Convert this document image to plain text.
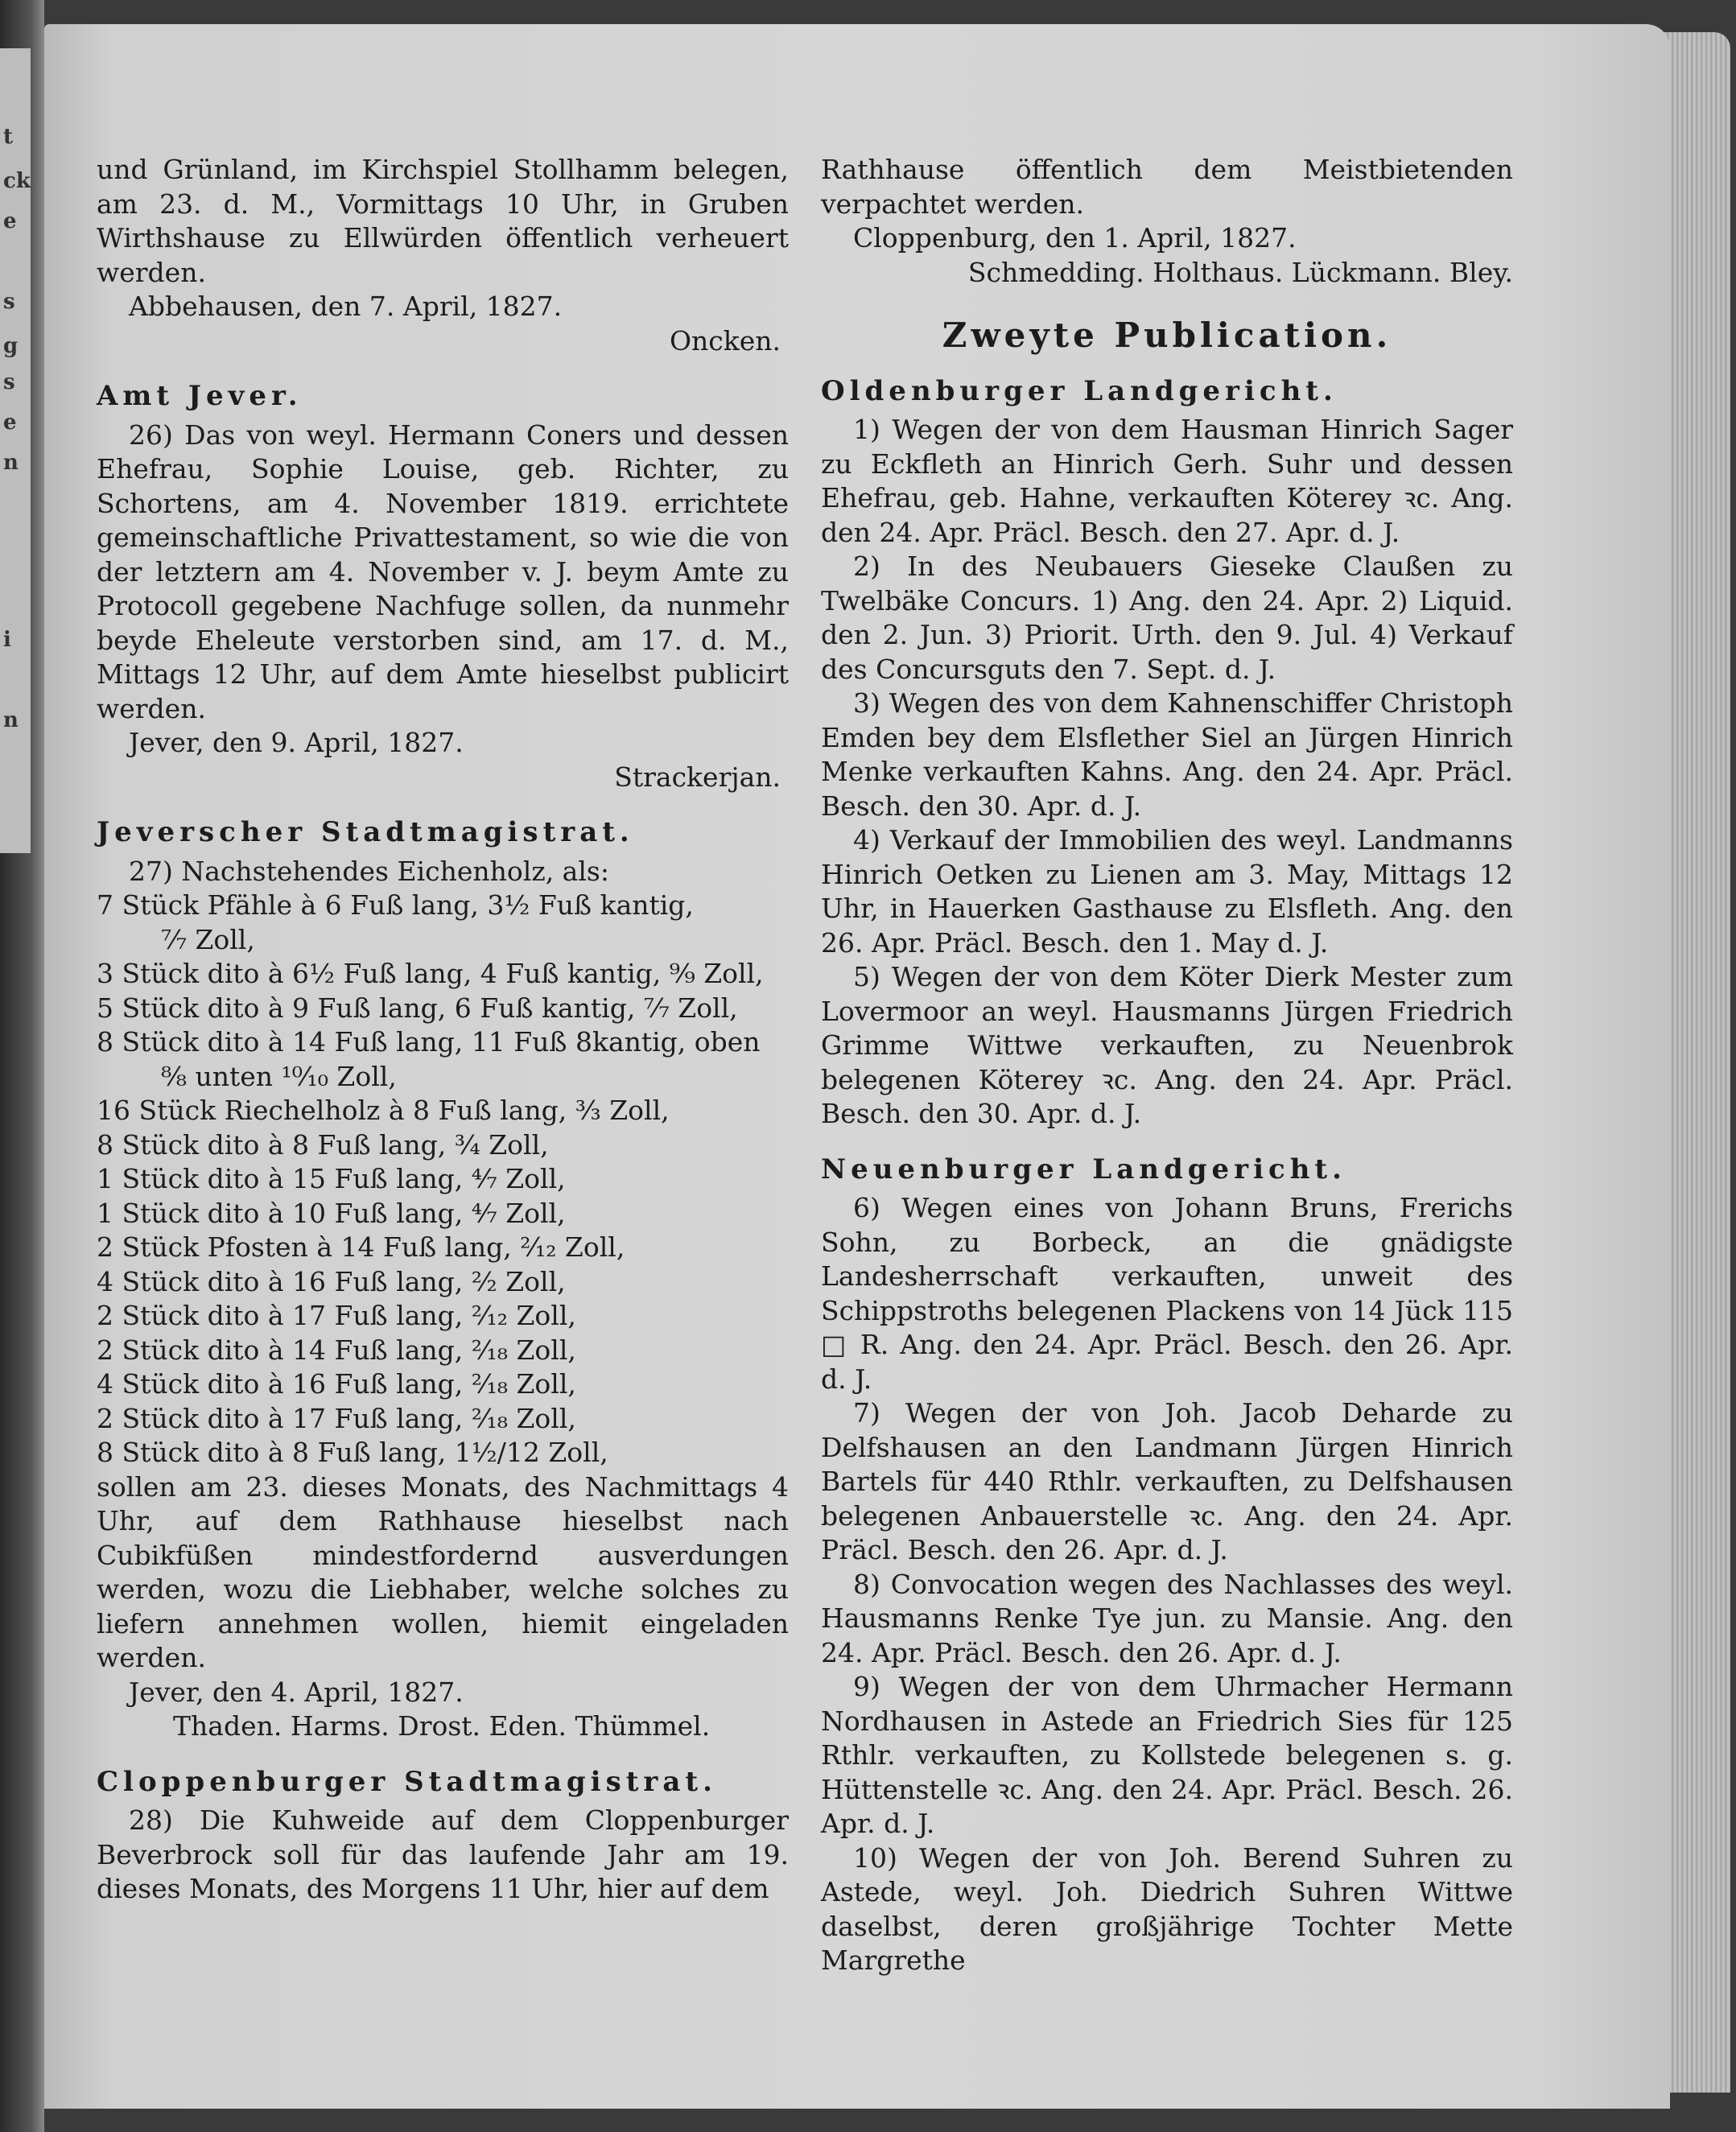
t
ck
e
s
g
s
e
n
i
n

und Grünland, im Kirchspiel Stollhamm belegen, am 23. d. M., Vormittags 10 Uhr, in Gruben Wirthshause zu Ellwürden öffentlich verheuert werden.

Abbehausen, den 7. April, 1827.

Oncken.

Amt Jever.

26) Das von weyl. Hermann Coners und dessen Ehefrau, Sophie Louise, geb. Richter, zu Schortens, am 4. November 1819. errichtete gemeinschaftliche Privattestament, so wie die von der letztern am 4. November v. J. beym Amte zu Protocoll gegebene Nachfuge sollen, da nunmehr beyde Eheleute verstorben sind, am 17. d. M., Mittags 12 Uhr, auf dem Amte hieselbst publicirt werden.

Jever, den 9. April, 1827.

Strackerjan.

Jeverscher Stadtmagistrat.

27) Nachstehendes Eichenholz, als:

7 Stück Pfähle à 6 Fuß lang, 3½ Fuß kantig,

⁷⁄₇ Zoll,

3 Stück dito à 6½ Fuß lang, 4 Fuß kantig, ⁹⁄₉ Zoll,

5 Stück dito à 9 Fuß lang, 6 Fuß kantig, ⁷⁄₇ Zoll,

8 Stück dito à 14 Fuß lang, 11 Fuß 8kantig, oben

⁸⁄₈ unten ¹⁰⁄₁₀ Zoll,

16 Stück Riechelholz à 8 Fuß lang, ³⁄₃ Zoll,

8 Stück dito à 8 Fuß lang, ³⁄₄ Zoll,

1 Stück dito à 15 Fuß lang, ⁴⁄₇ Zoll,

1 Stück dito à 10 Fuß lang, ⁴⁄₇ Zoll,

2 Stück Pfosten à 14 Fuß lang, ²⁄₁₂ Zoll,

4 Stück dito à 16 Fuß lang, ²⁄₂ Zoll,

2 Stück dito à 17 Fuß lang, ²⁄₁₂ Zoll,

2 Stück dito à 14 Fuß lang, ²⁄₁₈ Zoll,

4 Stück dito à 16 Fuß lang, ²⁄₁₈ Zoll,

2 Stück dito à 17 Fuß lang, ²⁄₁₈ Zoll,

8 Stück dito à 8 Fuß lang, 1½/12 Zoll,

sollen am 23. dieses Monats, des Nachmittags 4 Uhr, auf dem Rathhause hieselbst nach Cubikfüßen mindestfordernd ausverdungen werden, wozu die Liebhaber, welche solches zu liefern annehmen wollen, hiemit eingeladen werden.

Jever, den 4. April, 1827.

Thaden. Harms. Drost. Eden. Thümmel.

Cloppenburger Stadtmagistrat.

28) Die Kuhweide auf dem Cloppenburger Beverbrock soll für das laufende Jahr am 19. dieses Monats, des Morgens 11 Uhr, hier auf dem

Rathhause öffentlich dem Meistbietenden verpachtet werden.

Cloppenburg, den 1. April, 1827.

Schmedding. Holthaus. Lückmann. Bley.

Zweyte Publication.

Oldenburger Landgericht.

1) Wegen der von dem Hausman Hinrich Sager zu Eckfleth an Hinrich Gerh. Suhr und dessen Ehefrau, geb. Hahne, verkauften Köterey ꝛc. Ang. den 24. Apr. Präcl. Besch. den 27. Apr. d. J.

2) In des Neubauers Gieseke Claußen zu Twelbäke Concurs. 1) Ang. den 24. Apr. 2) Liquid. den 2. Jun. 3) Priorit. Urth. den 9. Jul. 4) Verkauf des Concursguts den 7. Sept. d. J.

3) Wegen des von dem Kahnenschiffer Christoph Emden bey dem Elsflether Siel an Jürgen Hinrich Menke verkauften Kahns. Ang. den 24. Apr. Präcl. Besch. den 30. Apr. d. J.

4) Verkauf der Immobilien des weyl. Landmanns Hinrich Oetken zu Lienen am 3. May, Mittags 12 Uhr, in Hauerken Gasthause zu Elsfleth. Ang. den 26. Apr. Präcl. Besch. den 1. May d. J.

5) Wegen der von dem Köter Dierk Mester zum Lovermoor an weyl. Hausmanns Jürgen Friedrich Grimme Wittwe verkauften, zu Neuenbrok belegenen Köterey ꝛc. Ang. den 24. Apr. Präcl. Besch. den 30. Apr. d. J.

Neuenburger Landgericht.

6) Wegen eines von Johann Bruns, Frerichs Sohn, zu Borbeck, an die gnädigste Landesherrschaft verkauften, unweit des Schippstroths belegenen Plackens von 14 Jück 115 □ R. Ang. den 24. Apr. Präcl. Besch. den 26. Apr. d. J.

7) Wegen der von Joh. Jacob Deharde zu Delfshausen an den Landmann Jürgen Hinrich Bartels für 440 Rthlr. verkauften, zu Delfshausen belegenen Anbauerstelle ꝛc. Ang. den 24. Apr. Präcl. Besch. den 26. Apr. d. J.

8) Convocation wegen des Nachlasses des weyl. Hausmanns Renke Tye jun. zu Mansie. Ang. den 24. Apr. Präcl. Besch. den 26. Apr. d. J.

9) Wegen der von dem Uhrmacher Hermann Nordhausen in Astede an Friedrich Sies für 125 Rthlr. verkauften, zu Kollstede belegenen s. g. Hüttenstelle ꝛc. Ang. den 24. Apr. Präcl. Besch. 26. Apr. d. J.

10) Wegen der von Joh. Berend Suhren zu Astede, weyl. Joh. Diedrich Suhren Wittwe daselbst, deren großjährige Tochter Mette Margrethe
